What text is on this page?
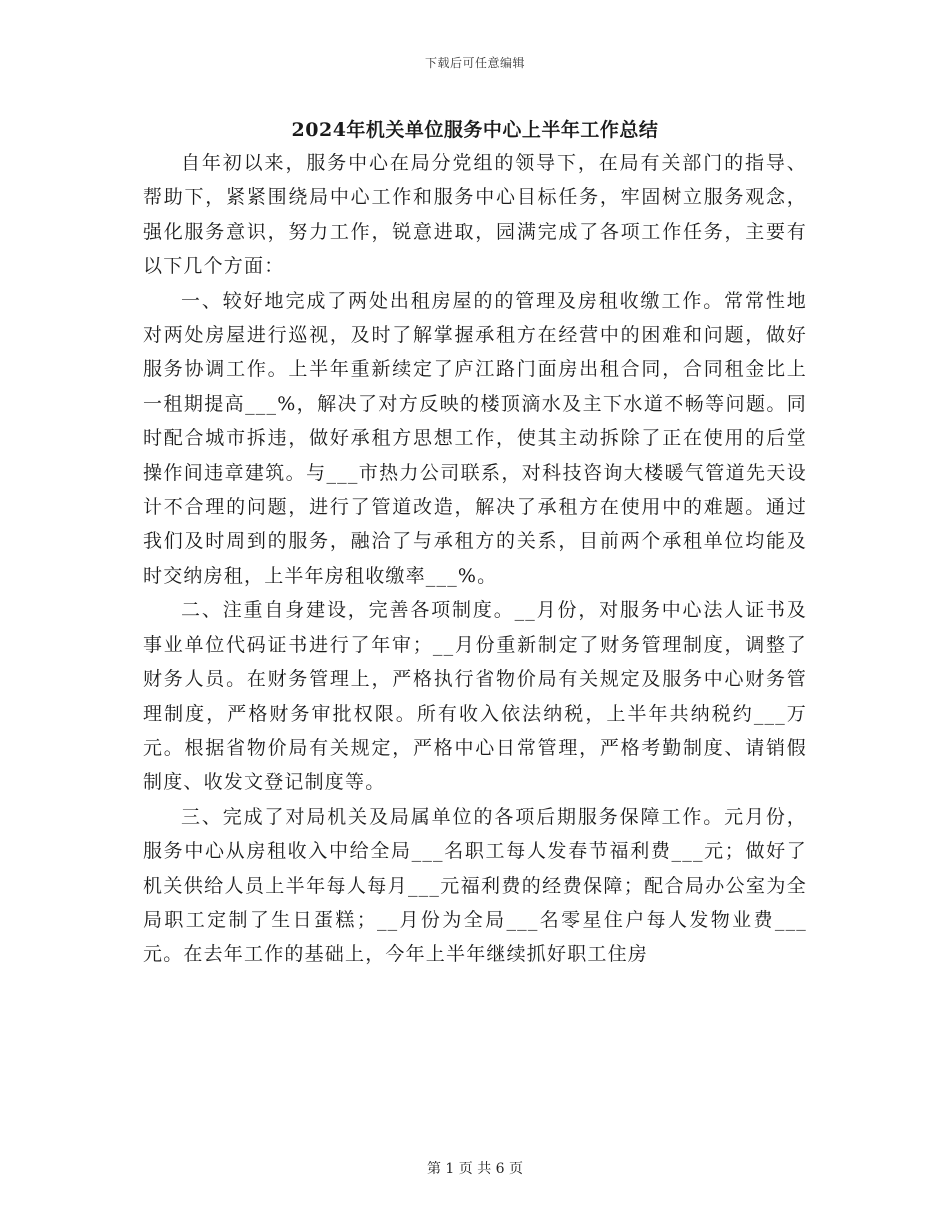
下载后可任意编辑
2024年机关单位服务中心上半年工作总结

自年初以来，服务中心在局分党组的领导下，在局有关部门的指导、帮助下，紧紧围绕局中心工作和服务中心目标任务，牢固树立服务观念，强化服务意识，努力工作，锐意进取，园满完成了各项工作任务，主要有以下几个方面：

一、较好地完成了两处出租房屋的的管理及房租收缴工作。常常性地对两处房屋进行巡视，及时了解掌握承租方在经营中的困难和问题，做好服务协调工作。上半年重新续定了庐江路门面房出租合同，合同租金比上一租期提高___%，解决了对方反映的楼顶滴水及主下水道不畅等问题。同时配合城市拆违，做好承租方思想工作，使其主动拆除了正在使用的后堂操作间违章建筑。与___市热力公司联系，对科技咨询大楼暖气管道先天设计不合理的问题，进行了管道改造，解决了承租方在使用中的难题。通过我们及时周到的服务，融洽了与承租方的关系，目前两个承租单位均能及时交纳房租，上半年房租收缴率___%。

二、注重自身建设，完善各项制度。__月份，对服务中心法人证书及事业单位代码证书进行了年审；__月份重新制定了财务管理制度，调整了财务人员。在财务管理上，严格执行省物价局有关规定及服务中心财务管理制度，严格财务审批权限。所有收入依法纳税，上半年共纳税约___万元。根据省物价局有关规定，严格中心日常管理，严格考勤制度、请销假制度、收发文登记制度等。

三、完成了对局机关及局属单位的各项后期服务保障工作。元月份，服务中心从房租收入中给全局___名职工每人发春节福利费___元；做好了机关供给人员上半年每人每月___元福利费的经费保障；配合局办公室为全局职工定制了生日蛋糕；__月份为全局___名零星住户每人发物业费___元。在去年工作的基础上，今年上半年继续抓好职工住房

第 1 页 共 6 页
